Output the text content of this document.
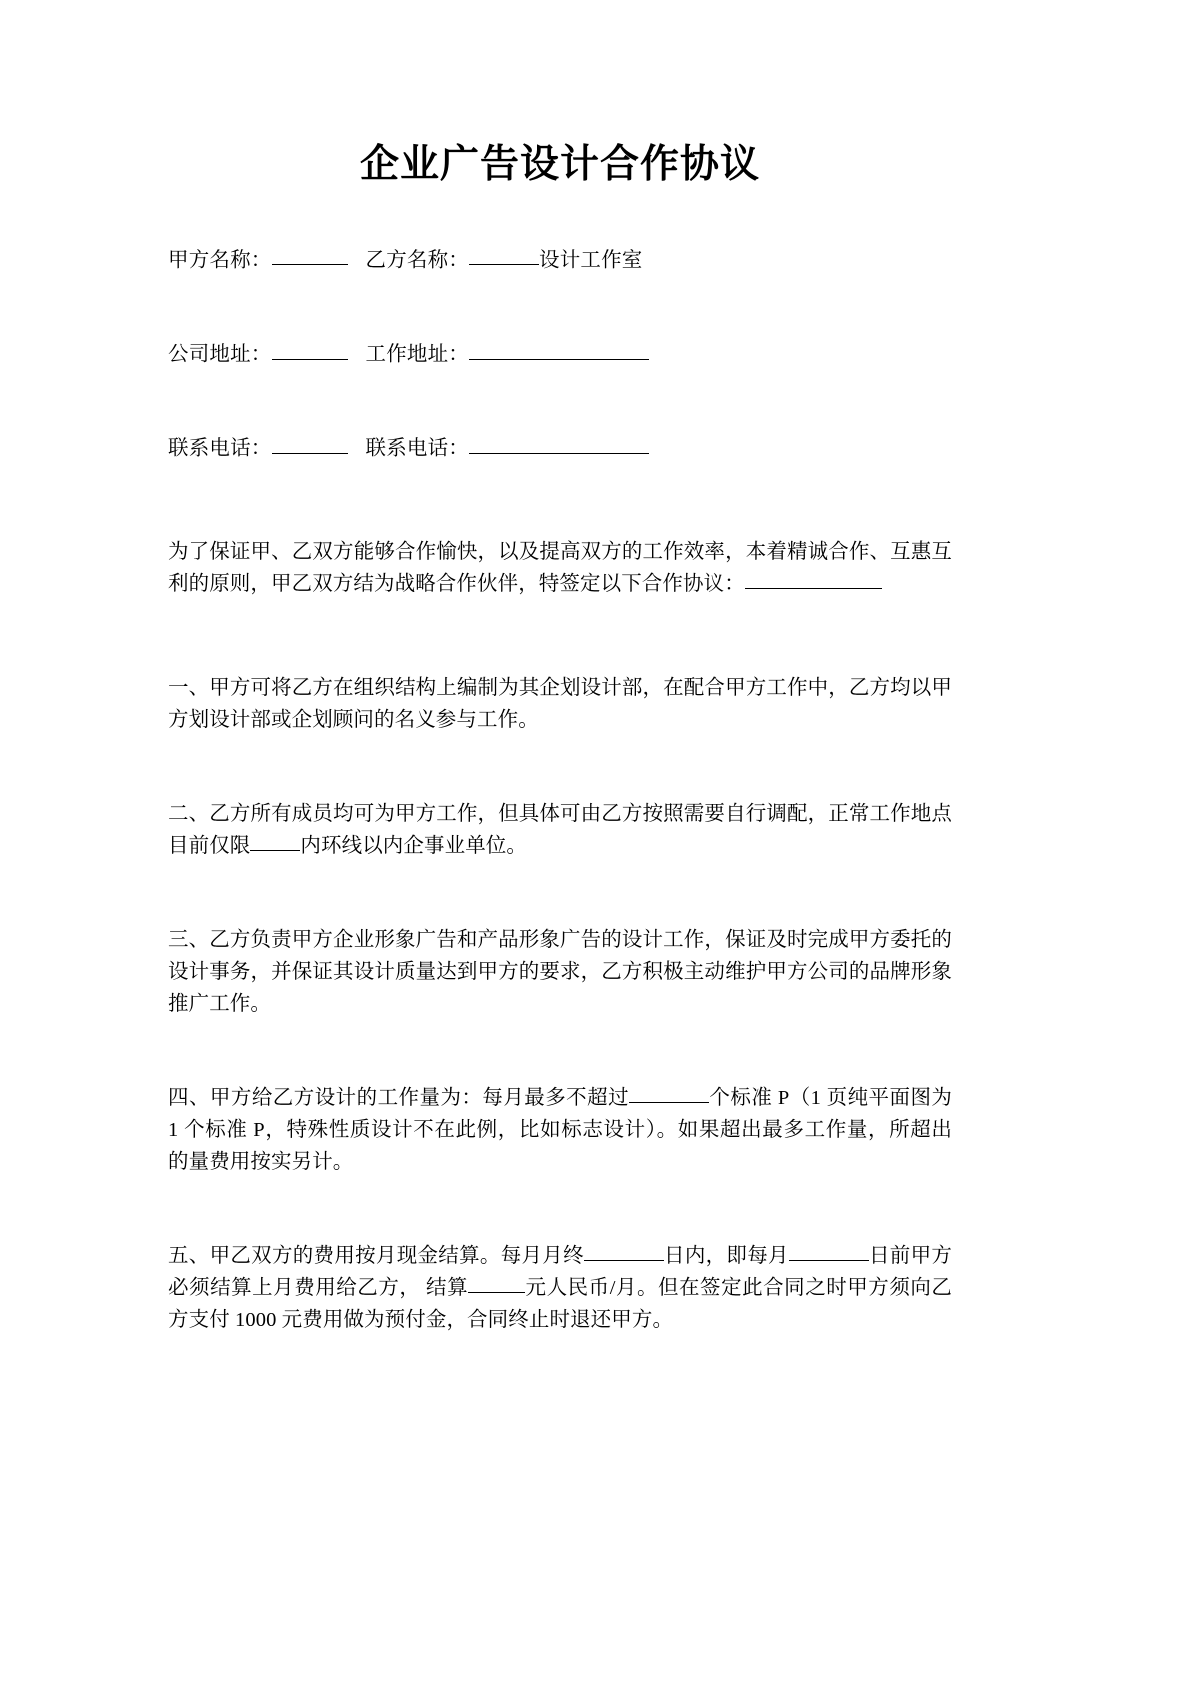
企业广告设计合作协议
甲方名称：	乙方名称：	设计工作室
公司地址：	工作地址：
联系电话：	联系电话：

为了保证甲、乙双方能够合作愉快，以及提高双方的工作效率，本着精诚合作、互惠互利的原则，甲乙双方结为战略合作伙伴，特签定以下合作协议：

一、甲方可将乙方在组织结构上编制为其企划设计部，在配合甲方工作中，乙方均以甲方划设计部或企划顾问的名义参与工作。

二、乙方所有成员均可为甲方工作，但具体可由乙方按照需要自行调配，正常工作地点目前仅限 内环线以内企事业单位。

三、乙方负责甲方企业形象广告和产品形象广告的设计工作，保证及时完成甲方委托的设计事务，并保证其设计质量达到甲方的要求，乙方积极主动维护甲方公司的品牌形象推广工作。

四、甲方给乙方设计的工作量为：每月最多不超过	个标准 P（1 页纯平面图为 1 个标准 P，特殊性质设计不在此例，比如标志设计）。如果超出最多工作量，所超出的量费用按实另计。

五、甲乙双方的费用按月现金结算。每月月终	日内，即每月	日前甲方必须结算上月费用给乙方， 结算	元人民币/月。但在签定此合同之时甲方须向乙方支付 1000 元费用做为预付金，合同终止时退还甲方。
